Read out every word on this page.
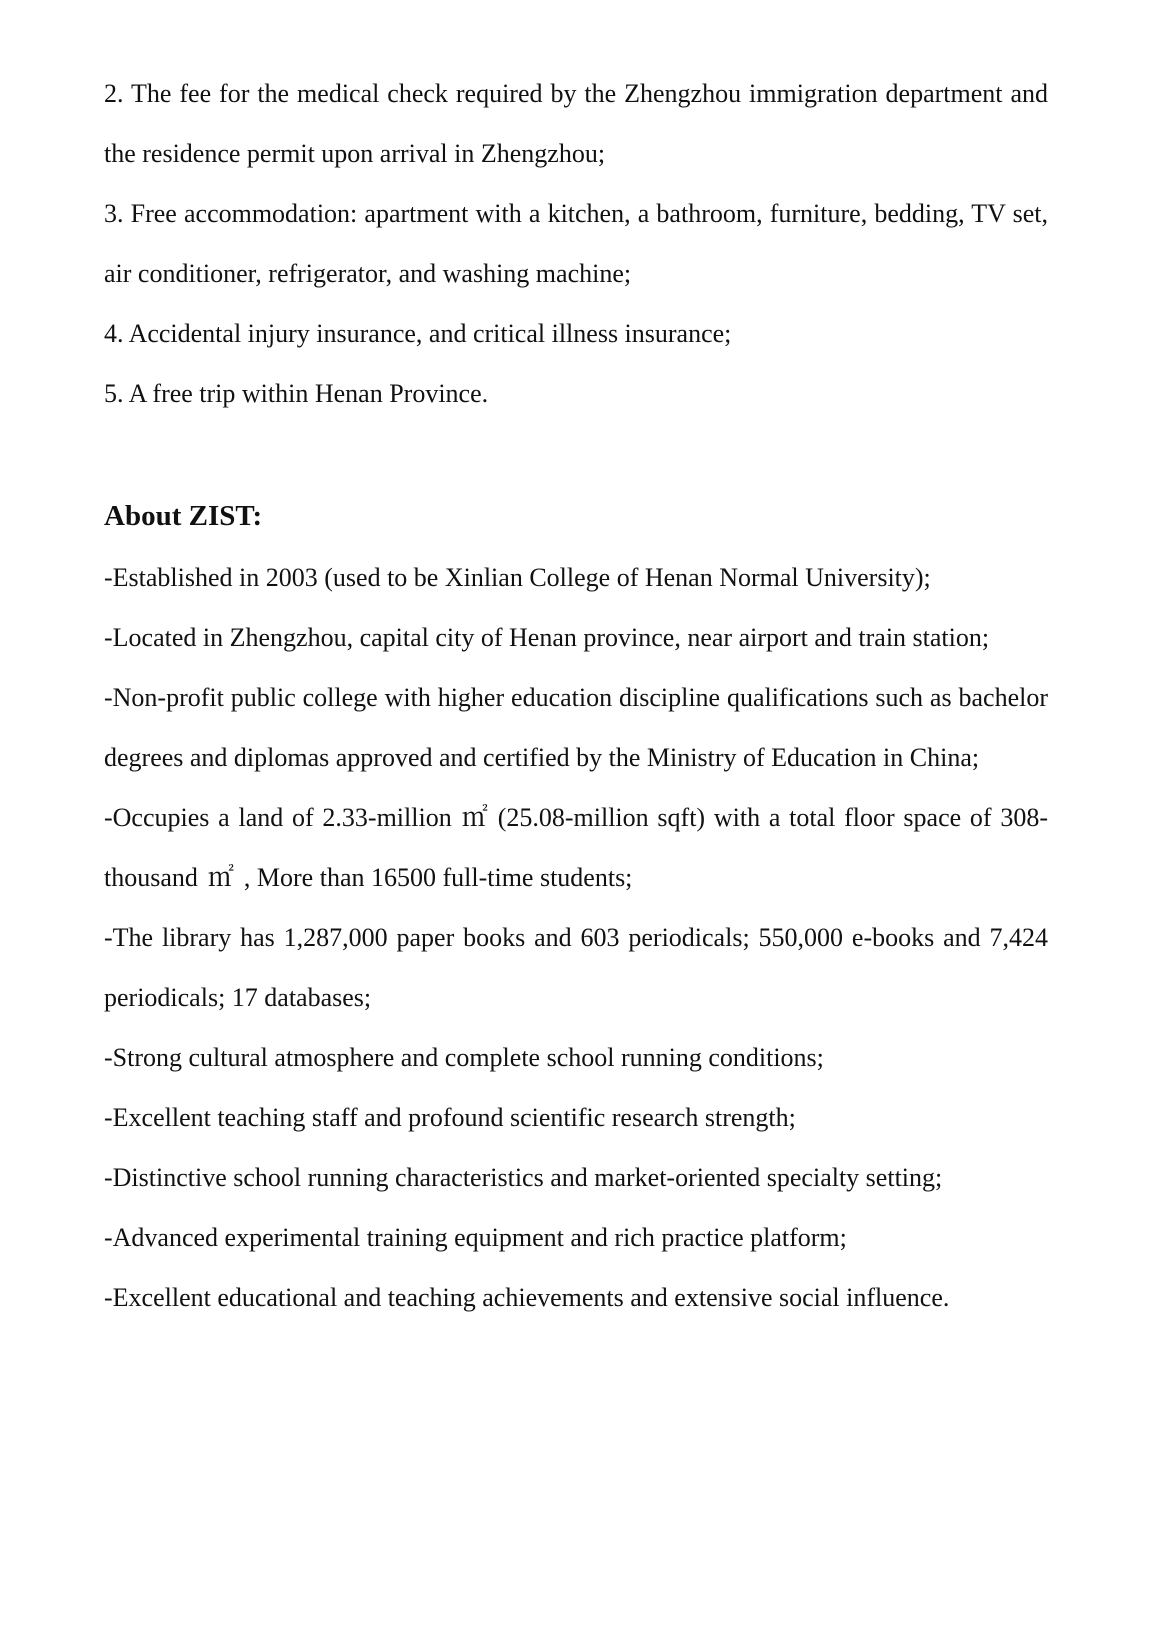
2. The fee for the medical check required by the Zhengzhou immigration department and the residence permit upon arrival in Zhengzhou;

3. Free accommodation: apartment with a kitchen, a bathroom, furniture, bedding, TV set, air conditioner, refrigerator, and washing machine;

4. Accidental injury insurance, and critical illness insurance;

5. A free trip within Henan Province.

About ZIST:

-Established in 2003 (used to be Xinlian College of Henan Normal University);

-Located in Zhengzhou, capital city of Henan province, near airport and train station;

-Non-profit public college with higher education discipline qualifications such as bachelor degrees and diplomas approved and certified by the Ministry of Education in China;

-Occupies a land of 2.33-million ㎡ (25.08-million sqft) with a total floor space of 308-thousand ㎡ , More than 16500 full-time students;

-The library has 1,287,000 paper books and 603 periodicals; 550,000 e-books and 7,424 periodicals; 17 databases;

-Strong cultural atmosphere and complete school running conditions;

-Excellent teaching staff and profound scientific research strength;

-Distinctive school running characteristics and market-oriented specialty setting;

-Advanced experimental training equipment and rich practice platform;

-Excellent educational and teaching achievements and extensive social influence.
